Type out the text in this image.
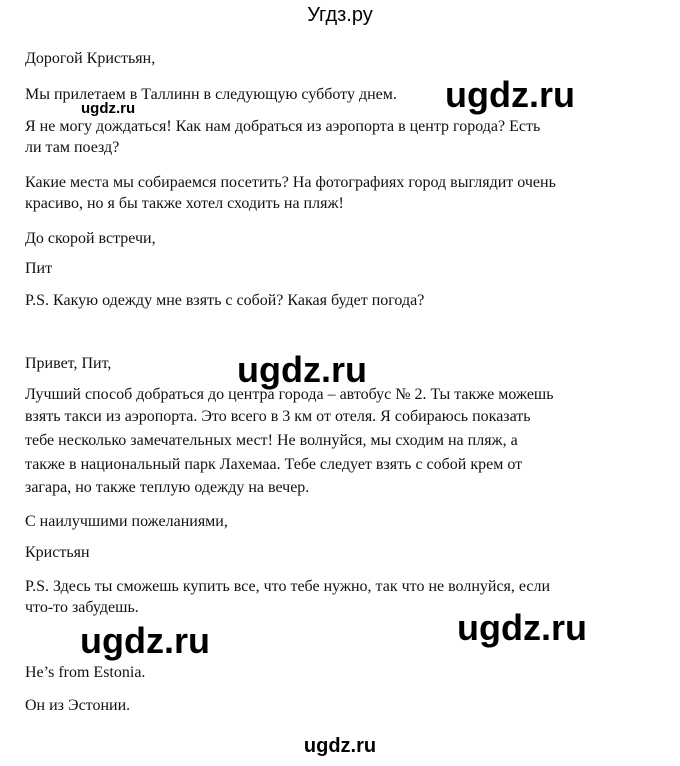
Угдз.ру
Дорогой Кристьян,
Мы прилетаем в Таллинн в следующую субботу днем.
Я не могу дождаться! Как нам добраться из аэропорта в центр города? Есть
ли там поезд?
Какие места мы собираемся посетить? На фотографиях город выглядит очень
красиво, но я бы также хотел сходить на пляж!
До скорой встречи,
Пит
P.S. Какую одежду мне взять с собой? Какая будет погода?
Привет, Пит,
Лучший способ добраться до центра города – автобус № 2. Ты также можешь
взять такси из аэропорта. Это всего в 3 км от отеля. Я собираюсь показать
тебе несколько замечательных мест! Не волнуйся, мы сходим на пляж, а
также в национальный парк Лахемаа. Тебе следует взять с собой крем от
загара, но также теплую одежду на вечер.
С наилучшими пожеланиями,
Кристьян
P.S. Здесь ты сможешь купить все, что тебе нужно, так что не волнуйся, если
что-то забудешь.
He’s from Estonia.
Он из Эстонии.
ugdz.ru
ugdz.ru
ugdz.ru
ugdz.ru	ugdz.ru
ugdz.ru
